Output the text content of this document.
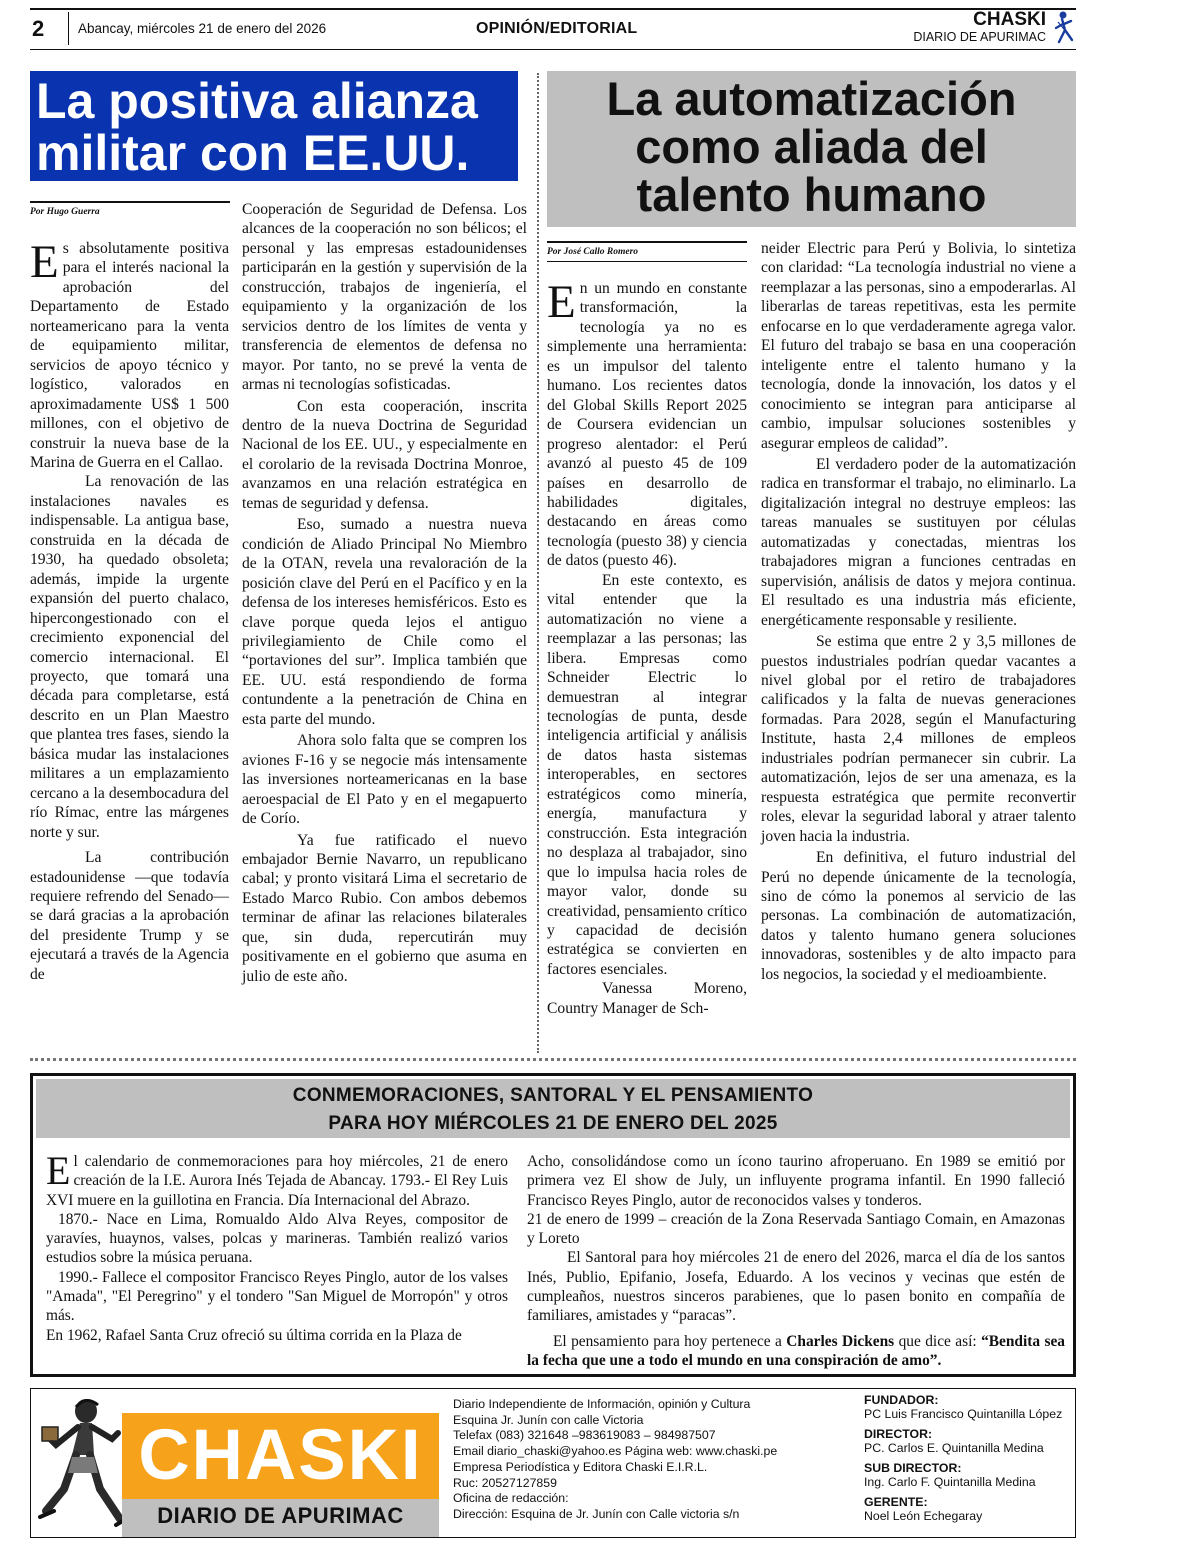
2	Abancay, miércoles 21 de enero del 2026	OPINIÓN/EDITORIAL	CHASKI
DIARIO DE APURIMAC
La positiva alianza
militar con EE.UU.
La automatización
como aliada del
talento humano
Por Hugo Guerra

Es absolutamente positiva para el interés nacional la aprobación del Departamento de Estado norteamericano para la venta de equipamiento militar, servicios de apoyo técnico y logístico, valorados en aproximadamente US$ 1 500 millones, con el objetivo de construir la nueva base de la Marina de Guerra en el Callao.

La renovación de las instalaciones navales es indispensable. La antigua base, construida en la década de 1930, ha quedado obsoleta; además, impide la urgente expansión del puerto chalaco, hipercongestionado con el crecimiento exponencial del comercio internacional. El proyecto, que tomará una década para completarse, está descrito en un Plan Maestro que plantea tres fases, siendo la básica mudar las instalaciones militares a un emplazamiento cercano a la desembocadura del río Rímac, entre las márgenes norte y sur.

La contribución estadounidense —que todavía requiere refrendo del Senado— se dará gracias a la aprobación del presidente Trump y se ejecutará a través de la Agencia de

Cooperación de Seguridad de Defensa. Los alcances de la cooperación no son bélicos; el personal y las empresas estadounidenses participarán en la gestión y supervisión de la construcción, trabajos de ingeniería, el equipamiento y la organización de los servicios dentro de los límites de venta y transferencia de elementos de defensa no mayor. Por tanto, no se prevé la venta de armas ni tecnologías sofisticadas.

Con esta cooperación, inscrita dentro de la nueva Doctrina de Seguridad Nacional de los EE. UU., y especialmente en el corolario de la revisada Doctrina Monroe, avanzamos en una relación estratégica en temas de seguridad y defensa.

Eso, sumado a nuestra nueva condición de Aliado Principal No Miembro de la OTAN, revela una revaloración de la posición clave del Perú en el Pacífico y en la defensa de los intereses hemisféricos. Esto es clave porque queda lejos el antiguo privilegiamiento de Chile como el “portaviones del sur”. Implica también que EE. UU. está respondiendo de forma contundente a la penetración de China en esta parte del mundo.

Ahora solo falta que se compren los aviones F-16 y se negocie más intensamente las inversiones norteamericanas en la base aeroespacial de El Pato y en el megapuerto de Corío.

Ya fue ratificado el nuevo embajador Bernie Navarro, un republicano cabal; y pronto visitará Lima el secretario de Estado Marco Rubio. Con ambos debemos terminar de afinar las relaciones bilaterales que, sin duda, repercutirán muy positivamente en el gobierno que asuma en julio de este año.

Por José Callo Romero

En un mundo en constante transformación, la tecnología ya no es simplemente una herramienta: es un impulsor del talento humano. Los recientes datos del Global Skills Report 2025 de Coursera evidencian un progreso alentador: el Perú avanzó al puesto 45 de 109 países en desarrollo de habilidades digitales, destacando en áreas como tecnología (puesto 38) y ciencia de datos (puesto 46).

En este contexto, es vital entender que la automatización no viene a reemplazar a las personas; las libera. Empresas como Schneider Electric lo demuestran al integrar tecnologías de punta, desde inteligencia artificial y análisis de datos hasta sistemas interoperables, en sectores estratégicos como minería, energía, manufactura y construcción. Esta integración no desplaza al trabajador, sino que lo impulsa hacia roles de mayor valor, donde su creatividad, pensamiento crítico y capacidad de decisión estratégica se convierten en factores esenciales.

Vanessa Moreno, Country Manager de Sch-

neider Electric para Perú y Bolivia, lo sintetiza con claridad: “La tecnología industrial no viene a reemplazar a las personas, sino a empoderarlas. Al liberarlas de tareas repetitivas, esta les permite enfocarse en lo que verdaderamente agrega valor. El futuro del trabajo se basa en una cooperación inteligente entre el talento humano y la tecnología, donde la innovación, los datos y el conocimiento se integran para anticiparse al cambio, impulsar soluciones sostenibles y asegurar empleos de calidad”.

El verdadero poder de la automatización radica en transformar el trabajo, no eliminarlo. La digitalización integral no destruye empleos: las tareas manuales se sustituyen por células automatizadas y conectadas, mientras los trabajadores migran a funciones centradas en supervisión, análisis de datos y mejora continua. El resultado es una industria más eficiente, energéticamente responsable y resiliente.

Se estima que entre 2 y 3,5 millones de puestos industriales podrían quedar vacantes a nivel global por el retiro de trabajadores calificados y la falta de nuevas generaciones formadas. Para 2028, según el Manufacturing Institute, hasta 2,4 millones de empleos industriales podrían permanecer sin cubrir. La automatización, lejos de ser una amenaza, es la respuesta estratégica que permite reconvertir roles, elevar la seguridad laboral y atraer talento joven hacia la industria.

En definitiva, el futuro industrial del Perú no depende únicamente de la tecnología, sino de cómo la ponemos al servicio de las personas. La combinación de automatización, datos y talento humano genera soluciones innovadoras, sostenibles y de alto impacto para los negocios, la sociedad y el medioambiente.

CONMEMORACIONES, SANTORAL Y EL PENSAMIENTO
PARA HOY MIÉRCOLES 21 DE ENERO DEL 2025

El calendario de conmemoraciones para hoy miércoles, 21 de enero creación de la I.E. Aurora Inés Tejada de Abancay. 1793.- El Rey Luis XVI muere en la guillotina en Francia. Día Internacional del Abrazo.

1870.- Nace en Lima, Romualdo Aldo Alva Reyes, compositor de yaravíes, huaynos, valses, polcas y marineras. También realizó varios estudios sobre la música peruana.

1990.- Fallece el compositor Francisco Reyes Pinglo, autor de los valses "Amada", "El Peregrino" y el tondero "San Miguel de Morropón" y otros más.

En 1962, Rafael Santa Cruz ofreció su última corrida en la Plaza de

Acho, consolidándose como un ícono taurino afroperuano. En 1989 se emitió por primera vez El show de July, un influyente programa infantil. En 1990 falleció Francisco Reyes Pinglo, autor de reconocidos valses y tonderos.

21 de enero de 1999 – creación de la Zona Reservada Santiago Comain, en Amazonas y Loreto

El Santoral para hoy miércoles 21 de enero del 2026, marca el día de los santos Inés, Publio, Epifanio, Josefa, Eduardo. A los vecinos y vecinas que estén de cumpleaños, nuestros sinceros parabienes, que lo pasen bonito en compañía de familiares, amistades y “paracas”.

El pensamiento para hoy pertenece a Charles Dickens que dice así: “Bendita sea la fecha que une a todo el mundo en una conspiración de amo”.

CHASKI
DIARIO DE APURIMAC
Diario Independiente de Información, opinión y Cultura
Esquina Jr. Junín con calle Victoria
Telefax (083) 321648 –983619083 – 984987507
Email diario_chaski@yahoo.es Página web: www.chaski.pe
Empresa Periodística y Editora Chaski E.I.R.L.
Ruc: 20527127859
Oficina de redacción:
Dirección: Esquina de Jr. Junín con Calle victoria s/n
FUNDADOR:
PC Luis Francisco Quintanilla López
DIRECTOR:
PC. Carlos E. Quintanilla Medina
SUB DIRECTOR:
Ing. Carlo F. Quintanilla Medina
GERENTE:
Noel León Echegaray
